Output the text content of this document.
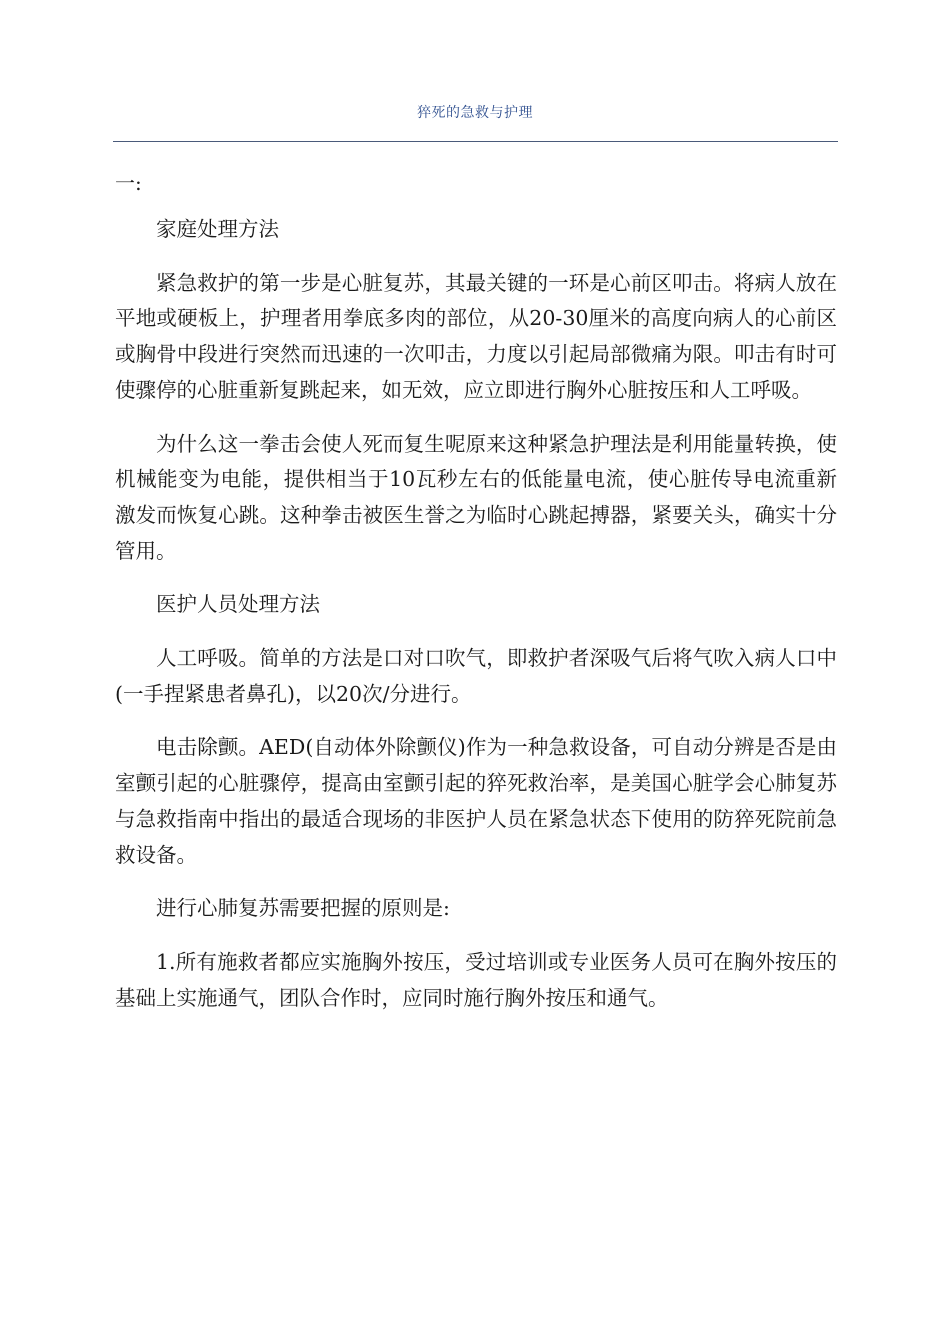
猝死的急救与护理
一:
家庭处理方法
紧急救护的第一步是心脏复苏，其最关键的一环是心前区叩击。将病人放在平地或硬板上，护理者用拳底多肉的部位，从20-30厘米的高度向病人的心前区或胸骨中段进行突然而迅速的一次叩击，力度以引起局部微痛为限。叩击有时可使骤停的心脏重新复跳起来，如无效，应立即进行胸外心脏按压和人工呼吸。
为什么这一拳击会使人死而复生呢原来这种紧急护理法是利用能量转换，使机械能变为电能，提供相当于10瓦秒左右的低能量电流，使心脏传导电流重新激发而恢复心跳。这种拳击被医生誉之为临时心跳起搏器，紧要关头，确实十分管用。
医护人员处理方法
人工呼吸。简单的方法是口对口吹气，即救护者深吸气后将气吹入病人口中(一手捏紧患者鼻孔)，以20次/分进行。
电击除颤。AED(自动体外除颤仪)作为一种急救设备，可自动分辨是否是由室颤引起的心脏骤停，提高由室颤引起的猝死救治率，是美国心脏学会心肺复苏与急救指南中指出的最适合现场的非医护人员在紧急状态下使用的防猝死院前急救设备。
进行心肺复苏需要把握的原则是:
1.所有施救者都应实施胸外按压，受过培训或专业医务人员可在胸外按压的基础上实施通气，团队合作时，应同时施行胸外按压和通气。
